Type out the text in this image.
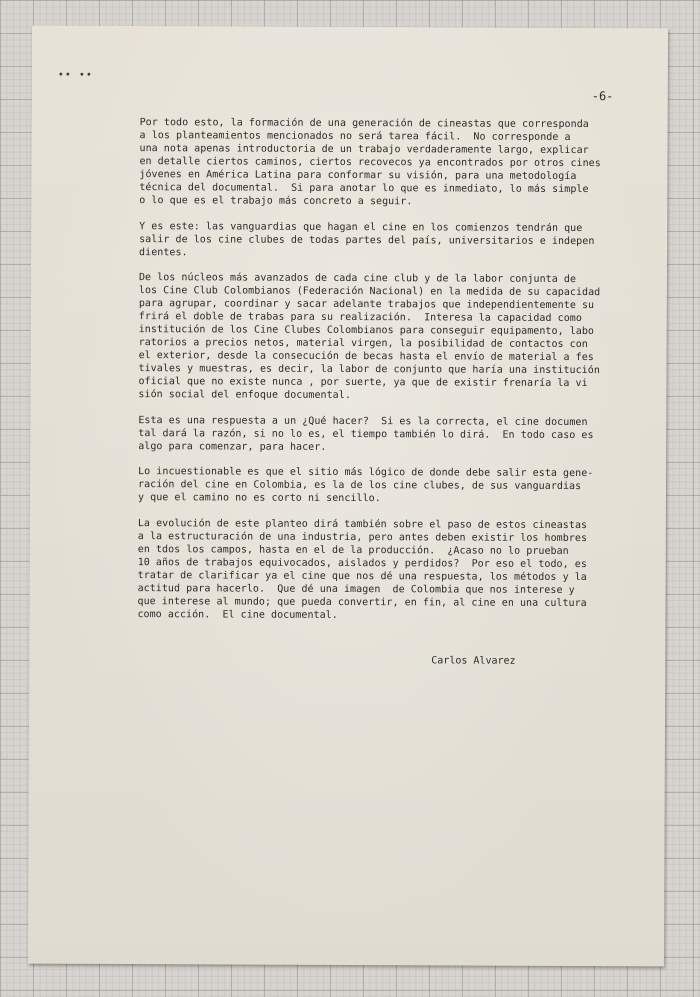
•• ••
-6-

Por todo esto, la formación de una generación de cineastas que corresponda
a los planteamientos mencionados no será tarea fácil.  No corresponde a
una nota apenas introductoria de un trabajo verdaderamente largo, explicar
en detalle ciertos caminos, ciertos recovecos ya encontrados por otros cines
jóvenes en América Latina para conformar su visión, para una metodología
técnica del documental.  Si para anotar lo que es inmediato, lo más simple
o lo que es el trabajo más concreto a seguir.

Y es este: las vanguardias que hagan el cine en los comienzos tendrán que
salir de los cine clubes de todas partes del país, universitarios e indepen
dientes.

De los núcleos más avanzados de cada cine club y de la labor conjunta de
los Cine Club Colombianos (Federación Nacional) en la medida de su capacidad
para agrupar, coordinar y sacar adelante trabajos que independientemente su
frirá el doble de trabas para su realización.  Interesa la capacidad como
institución de los Cine Clubes Colombianos para conseguir equipamento, labo
ratorios a precios netos, material virgen, la posibilidad de contactos con
el exterior, desde la consecución de becas hasta el envío de material a fes
tivales y muestras, es decir, la labor de conjunto que haría una institución
oficial que no existe nunca , por suerte, ya que de existir frenaría la vi
sión social del enfoque documental.

Esta es una respuesta a un ¿Qué hacer?  Si es la correcta, el cine documen
tal dará la razón, si no lo es, el tiempo también lo dirá.  En todo caso es
algo para comenzar, para hacer.

Lo incuestionable es que el sitio más lógico de donde debe salir esta gene-
ración del cine en Colombia, es la de los cine clubes, de sus vanguardias
y que el camino no es corto ni sencillo.

La evolución de este planteo dirá también sobre el paso de estos cineastas
a la estructuración de una industria, pero antes deben existir los hombres
en tdos los campos, hasta en el de la producción.  ¿Acaso no lo prueban
10 años de trabajos equivocados, aislados y perdidos?  Por eso el todo, es
tratar de clarificar ya el cine que nos dé una respuesta, los métodos y la
actitud para hacerlo.  Que dé una imagen  de Colombia que nos interese y
que interese al mundo; que pueda convertir, en fin, al cine en una cultura
como acción.  El cine documental.

Carlos Alvarez
